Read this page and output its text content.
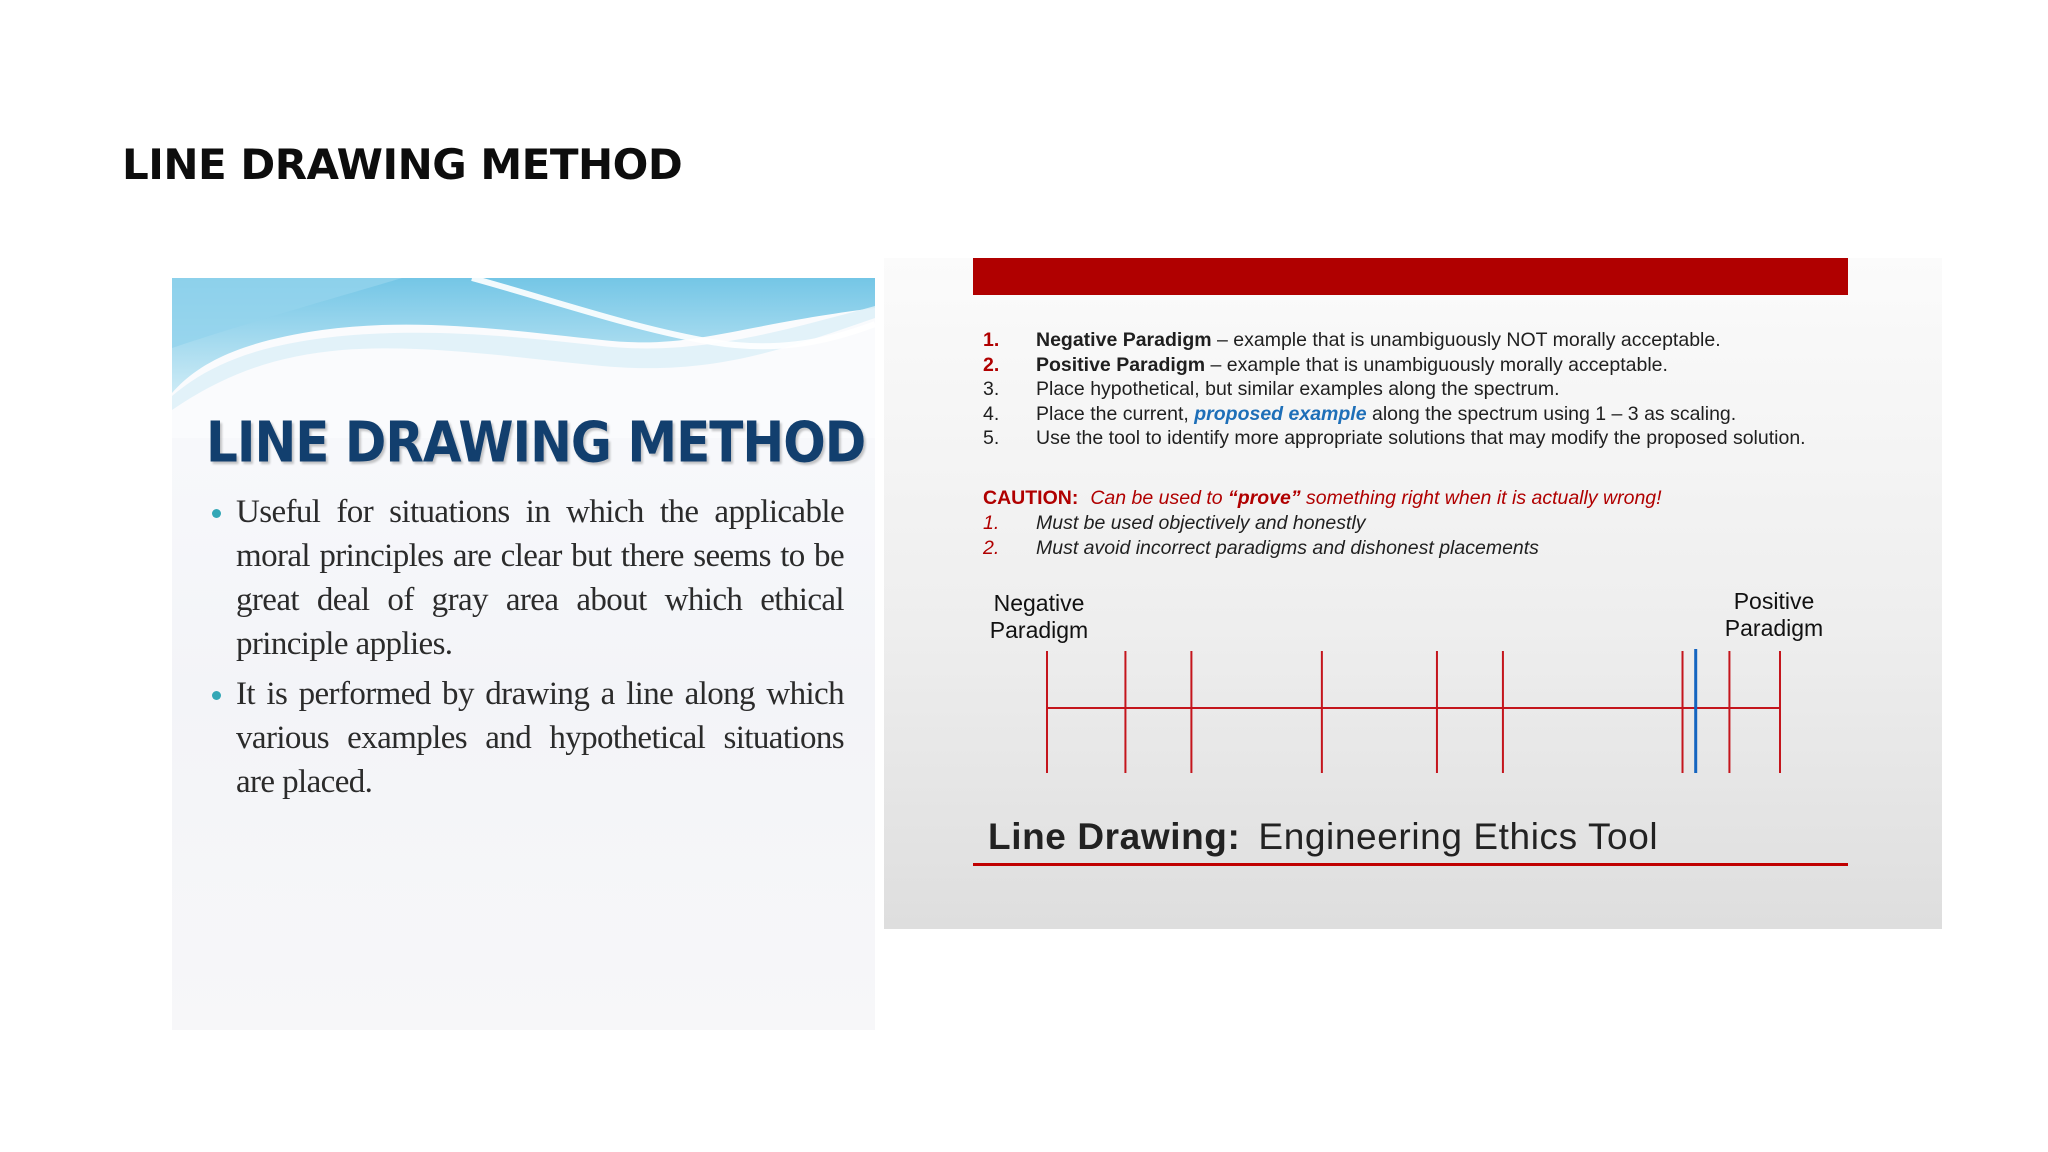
LINE DRAWING METHOD
LINE DRAWING METHOD
Useful for situations in which the applicable moral principles are clear but there seems to be great deal of gray area about which ethical principle applies.
It is performed by drawing a line along which various examples and hypothetical situations are placed.
1. Negative Paradigm – example that is unambiguously NOT morally acceptable.
2. Positive Paradigm – example that is unambiguously morally acceptable.
3. Place hypothetical, but similar examples along the spectrum.
4. Place the current, proposed example along the spectrum using 1 – 3 as scaling.
5. Use the tool to identify more appropriate solutions that may modify the proposed solution.

CAUTION: Can be used to “prove” something right when it is actually wrong!

1. Must be used objectively and honestly
2. Must avoid incorrect paradigms and dishonest placements
Negative
Paradigm
Positive
Paradigm

Line Drawing: Engineering Ethics Tool
